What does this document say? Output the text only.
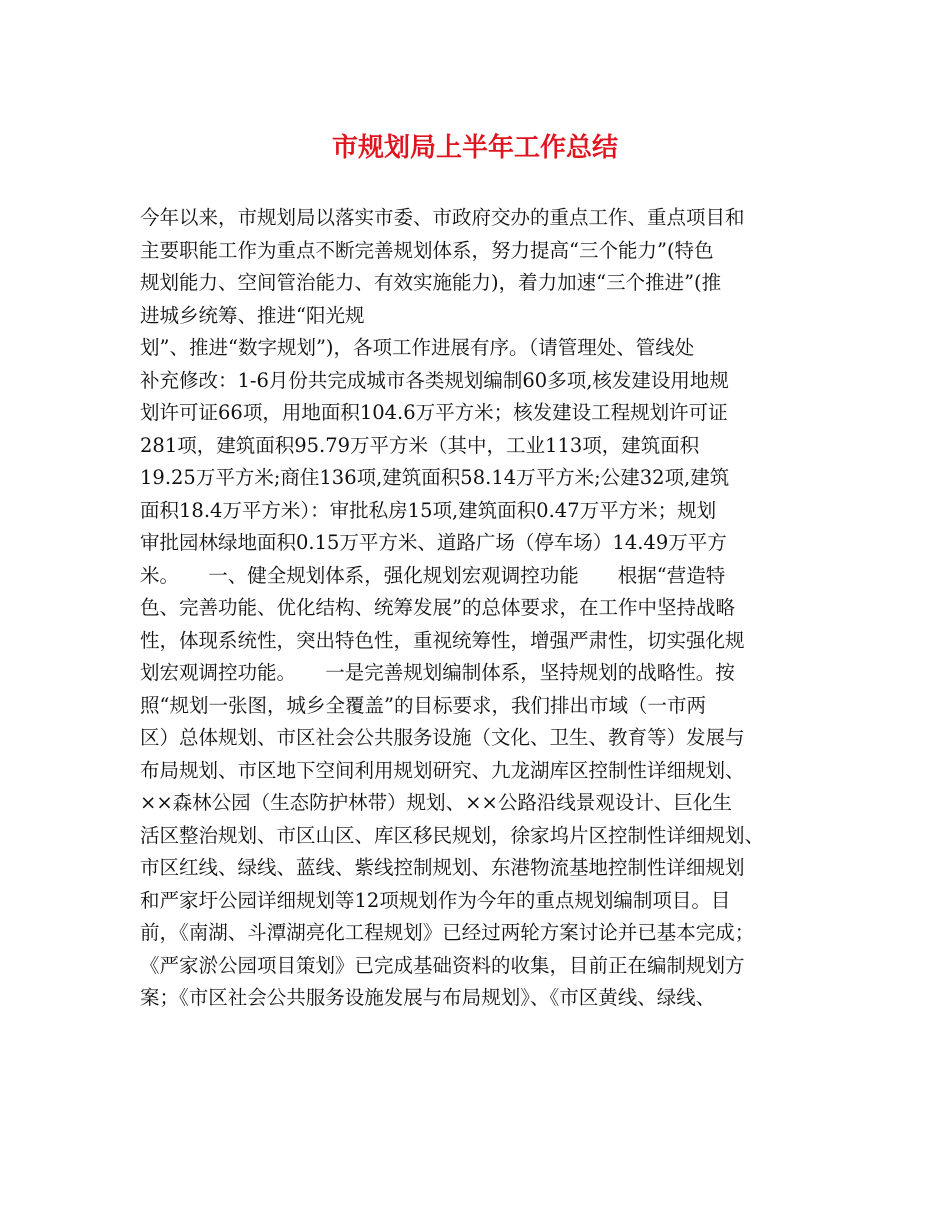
市规划局上半年工作总结
今年以来，市规划局以落实市委、市政府交办的重点工作、重点项目和
主要职能工作为重点不断完善规划体系，努力提高“三个能力”(特色
规划能力、空间管治能力、有效实施能力)，着力加速“三个推进”(推
进城乡统筹、推进“阳光规
划”、推进“数字规划”)，各项工作进展有序。（请管理处、管线处
补充修改：1-6月份共完成城市各类规划编制60多项,核发建设用地规
划许可证66项，用地面积104.6万平方米；核发建设工程规划许可证
281项，建筑面积95.79万平方米（其中，工业113项，建筑面积
19.25万平方米;商住136项,建筑面积58.14万平方米;公建32项,建筑
面积18.4万平方米）：审批私房15项,建筑面积0.47万平方米；规划
审批园林绿地面积0.15万平方米、道路广场（停车场）14.49万平方
米。　　一、健全规划体系，强化规划宏观调控功能　　根据“营造特
色、完善功能、优化结构、统筹发展”的总体要求，在工作中坚持战略
性，体现系统性，突出特色性，重视统筹性，增强严肃性，切实强化规
划宏观调控功能。　　一是完善规划编制体系，坚持规划的战略性。按
照“规划一张图，城乡全覆盖”的目标要求，我们排出市域（一市两
区）总体规划、市区社会公共服务设施（文化、卫生、教育等）发展与
布局规划、市区地下空间利用规划研究、九龙湖库区控制性详细规划、
××森林公园（生态防护林带）规划、××公路沿线景观设计、巨化生
活区整治规划、市区山区、库区移民规划，徐家坞片区控制性详细规划、
市区红线、绿线、蓝线、紫线控制规划、东港物流基地控制性详细规划
和严家圩公园详细规划等12项规划作为今年的重点规划编制项目。目
前，《南湖、斗潭湖亮化工程规划》已经过两轮方案讨论并已基本完成；
《严家淤公园项目策划》已完成基础资料的收集，目前正在编制规划方
案；《市区社会公共服务设施发展与布局规划》、《市区黄线、绿线、
